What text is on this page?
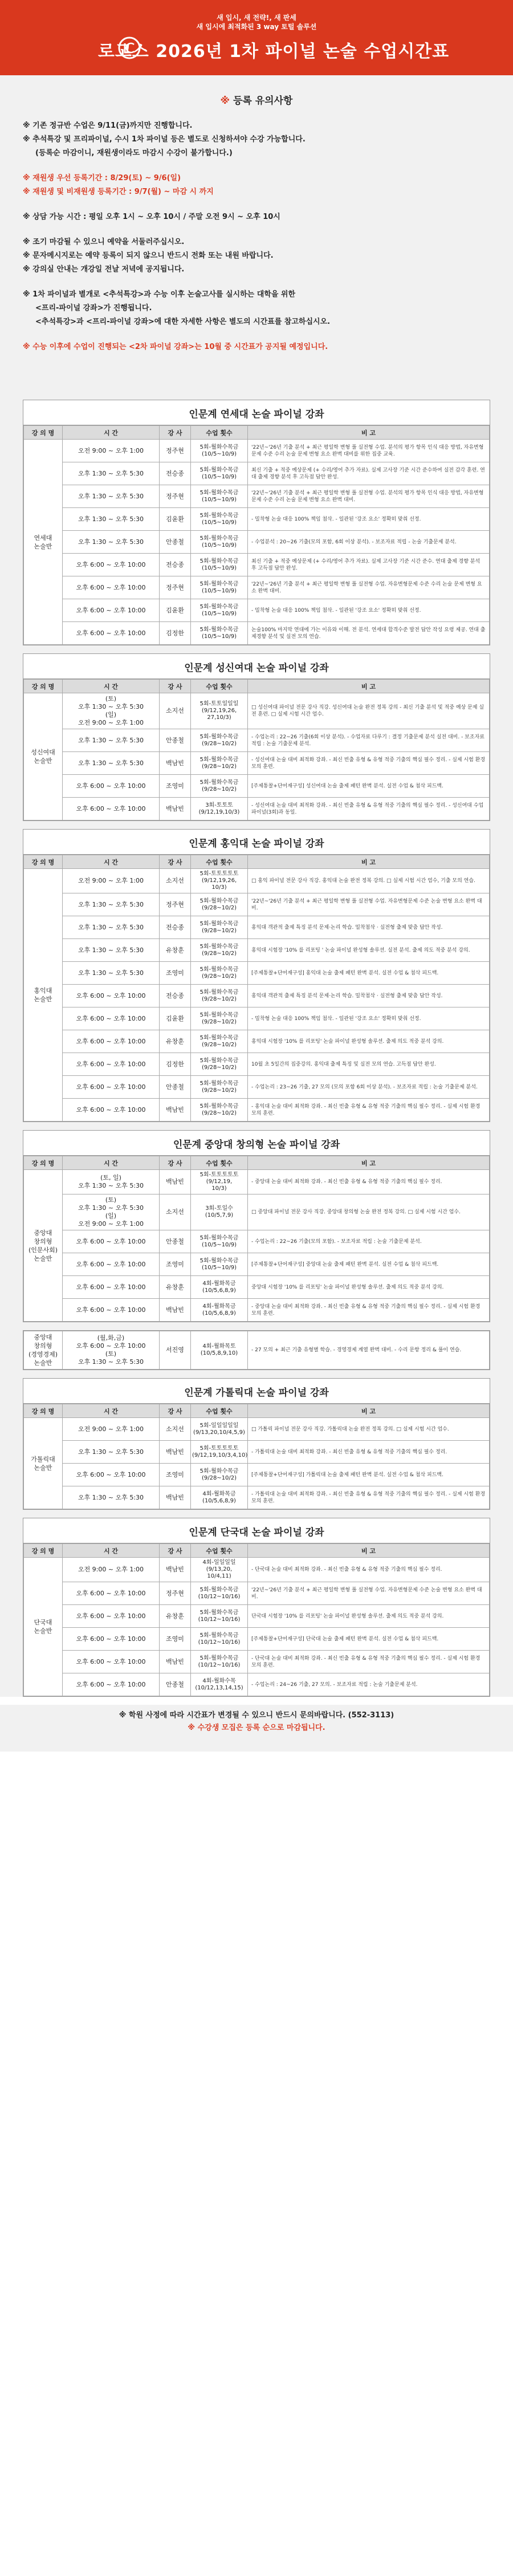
새 입시, 새 전략!, 새 판세
새 입시에 최적화된 3 way 토털 솔루션
로고스 2026년 1차 파이널 논술 수업시간표
※ 등록 유의사항
※ 기존 정규반 수업은 9/11(금)까지만 진행합니다.
※ 추석특강 및 프리파이널, 수시 1차 파이널 등은 별도로 신청하셔야 수강 가능합니다.
(등록순 마감이니, 재원생이라도 마감시 수강이 불가합니다.)
※ 재원생 우선 등록기간 : 8/29(토) ~ 9/6(일)
※ 재원생 및 비재원생 등록기간 : 9/7(월) ~ 마감 시 까지
※ 상담 가능 시간 : 평일 오후 1시 ~ 오후 10시 / 주말 오전 9시 ~ 오후 10시
※ 조기 마감될 수 있으니 예약을 서둘러주십시오.
※ 문자메시지로는 예약 등록이 되지 않으니 반드시 전화 또는 내원 바랍니다.
※ 강의실 안내는 개강일 전날 저녁에 공지됩니다.
※ 1차 파이널과 별개로 <추석특강>과 수능 이후 논술고사를 실시하는 대학을 위한
<프리-파이널 강좌>가 진행됩니다.
<추석특강>과 <프리-파이널 강좌>에 대한 자세한 사항은 별도의 시간표를 참고하십시오.
※ 수능 이후에 수업이 진행되는 <2차 파이널 강좌>는 10월 중 시간표가 공지될 예정입니다.
인문계 연세대 논술 파이널 강좌
강 의 명	시 간	강 사	수업 횟수	비 고
연세대
논술반	오전 9:00 ~ 오후 1:00	정주현	5회-월화수목금
(10/5~10/9)	'22년~'26년 기출 분석 + 최근 평일학 변형 풀 실전형 수업. 분석의 평가 항목 인식 대응 방법, 자유변형문제 수준 수리 논술 문제 변형 요소 완벽 대비를 위한 집중 교육.
	오후 1:30 ~ 오후 5:30	전승종	5회-월화수목금
(10/5~10/9)	최신 기출 + 적중 예상문제 (+ 수리/영어 추가 자료). 실제 고사장 기준 시간 준수하여 실전 감각 훈련. 연대 출제 경향 분석 후 고득점 답안 완성.
	오후 1:30 ~ 오후 5:30	정주현	5회-월화수목금
(10/5~10/9)	'22년~'26년 기출 분석 + 최근 평일학 변형 풀 실전형 수업. 분석의 평가 항목 인식 대응 방법, 자유변형문제 수준 수리 논술 문제 변형 요소 완벽 대비.
	오후 1:30 ~ 오후 5:30	김윤환	5회-월화수목금
(10/5~10/9)	- 밀착형 논술 대응 100% 책임 첨삭. - 일관된 '강조 요소' 정확히 맞춰 선정.
	오후 1:30 ~ 오후 5:30	안종철	5회-월화수목금
(10/5~10/9)	- 수업분석 : 20~26 기출(모의 포함, 6회 이상 분석). - 보조자료 적립 - 논술 기출문제 분석.
	오후 6:00 ~ 오후 10:00	전승종	5회-월화수목금
(10/5~10/9)	최신 기출 + 적중 예상문제 (+ 수리/영어 추가 자료). 실제 고사장 기준 시간 준수. 연대 출제 경향 분석 후 고득점 답안 완성.
	오후 6:00 ~ 오후 10:00	정주현	5회-월화수목금
(10/5~10/9)	'22년~'26년 기출 분석 + 최근 평일학 변형 풀 실전형 수업. 자유변형문제 수준 수리 논술 문제 변형 요소 완벽 대비.
	오후 6:00 ~ 오후 10:00	김윤환	5회-월화수목금
(10/5~10/9)	- 밀착형 논술 대응 100% 책임 첨삭. - 일관된 '강조 요소' 정확히 맞춰 선정.
	오후 6:00 ~ 오후 10:00	김정한	5회-월화수목금
(10/5~10/9)	논술100% 마지막 연대에 가는 이유와 이해. 전 분석. 연세대 합격수준 발전 답안 작성 요령 제공. 연대 출제경향 분석 및 실전 모의 연습.
인문계 성신여대 논술 파이널 강좌
강 의 명	시 간	강 사	수업 횟수	비 고
성신여대
논술반	(토)
오후 1:30 ~ 오후 5:30
(일)
오전 9:00 ~ 오후 1:00	소지선	5회-토토일일일
(9/12,19,26,
27,10/3)	□ 성신여대 파이널 전문 강사 직강. 성신여대 논술 완전 정복 강의 - 최신 기출 분석 및 적중 예상 문제 실전 훈련. □ 실제 시험 시간 엄수.
	오후 1:30 ~ 오후 5:30	안종철	5회-월화수목금
(9/28~10/2)	- 수업논리 : 22~26 기출(6회 이상 분석). - 수업자료 다루기 : 결정 기출문제 분석 실전 대비. - 보조자료 적립 : 논술 기출문제 분석.
	오후 1:30 ~ 오후 5:30	백남빈	5회-월화수목금
(9/28~10/2)	- 성신여대 논술 대비 최적화 강좌. - 최신 빈출 유형 & 유형 적중 기출의 핵심 필수 정리. - 실제 시험 환경 모의 훈련.
	오후 6:00 ~ 오후 10:00	조영미	5회-월화수목금
(9/28~10/2)	[주제통찰+단어재구성] 성신여대 논술 출제 패턴 완벽 분석. 실전 수업 & 첨삭 피드백.
	오후 6:00 ~ 오후 10:00	백남빈	3회-토토토
(9/12,19,10/3)	- 성신여대 논술 대비 최적화 강좌. - 최신 빈출 유형 & 유형 적중 기출의 핵심 필수 정리. - 성신여대 수업 파이널(3회)과 동일.
인문계 홍익대 논술 파이널 강좌
강 의 명	시 간	강 사	수업 횟수	비 고
홍익대
논술반	오전 9:00 ~ 오후 1:00	소지선	5회-토토토토토
(9/12,19,26,
10/3)	□ 홍익 파이널 전문 강사 직강. 홍익대 논술 완전 정복 강의. □ 실제 시험 시간 엄수, 기출 모의 연습.
	오후 1:30 ~ 오후 5:30	정주현	5회-월화수목금
(9/28~10/2)	'22년~'26년 기출 분석 + 최근 평일학 변형 풀 실전형 수업. 자유변형문제 수준 논술 변형 요소 완벽 대비.
	오후 1:30 ~ 오후 5:30	전승종	5회-월화수목금
(9/28~10/2)	홍익대 객관적 출제 특징 분석 문제·논리 학습. 밀착첨삭 · 실전형 출제 맞춤 답안 작성.
	오후 1:30 ~ 오후 5:30	유창훈	5회-월화수목금
(9/28~10/2)	홍익대 시험장 '10% 를 리포팅 ' 논술 파이널 완성형 솔루션. 실전 분석. 출제 의도 적중 분석 강의.
	오후 1:30 ~ 오후 5:30	조영미	5회-월화수목금
(9/28~10/2)	[주제통찰+단어재구성] 홍익대 논술 출제 패턴 완벽 분석. 실전 수업 & 첨삭 피드백.
	오후 6:00 ~ 오후 10:00	전승종	5회-월화수목금
(9/28~10/2)	홍익대 객관적 출제 특징 분석 문제·논리 학습. 밀착첨삭 · 실전형 출제 맞춤 답안 작성.
	오후 6:00 ~ 오후 10:00	김윤환	5회-월화수목금
(9/28~10/2)	- 밀착형 논술 대응 100% 책임 첨삭. - 일관된 '강조 요소' 정확히 맞춰 선정.
	오후 6:00 ~ 오후 10:00	유창훈	5회-월화수목금
(9/28~10/2)	홍익대 시험장 '10% 를 리포팅' 논술 파이널 완성형 솔루션. 출제 의도 적중 분석 강의.
	오후 6:00 ~ 오후 10:00	김정한	5회-월화수목금
(9/28~10/2)	10월 초 5일간의 집중강의. 홍익대 출제 특징 및 실전 모의 연습. 고득점 답안 완성.
	오후 6:00 ~ 오후 10:00	안종철	5회-월화수목금
(9/28~10/2)	- 수업논리 : 23~26 기출, 27 모의 (모의 포함 6회 이상 분석). - 보조자료 적립 : 논술 기출문제 분석.
	오후 6:00 ~ 오후 10:00	백남빈	5회-월화수목금
(9/28~10/2)	- 홍익대 논술 대비 최적화 강좌. - 최신 빈출 유형 & 유형 적중 기출의 핵심 필수 정리. - 실제 시험 환경 모의 훈련.
인문계 중앙대 창의형 논술 파이널 강좌
강 의 명	시 간	강 사	수업 횟수	비 고
중앙대
창의형
(인문사회)
논술반	(토, 일)
오후 1:30 ~ 오후 5:30	백남빈	5회-토토토토토
(9/12,19,
10/3)	- 중앙대 논술 대비 최적화 강좌. - 최신 빈출 유형 & 유형 적중 기출의 핵심 필수 정리.
	(토)
오후 1:30 ~ 오후 5:30
(일)
오전 9:00 ~ 오후 1:00	소지선	3회-토일수
(10/5,7,9)	□ 중앙대 파이널 전문 강사 직강. 중앙대 창의형 논술 완전 정복 강의. □ 실제 시험 시간 엄수.
	오후 6:00 ~ 오후 10:00	안종철	5회-월화수목금
(10/5~10/9)	- 수업논리 : 22~26 기출(모의 포함). - 보조자료 적립 : 논술 기출문제 분석.
	오후 6:00 ~ 오후 10:00	조영미	5회-월화수목금
(10/5~10/9)	[주제통찰+단어재구성] 중앙대 논술 출제 패턴 완벽 분석. 실전 수업 & 첨삭 피드백.
	오후 6:00 ~ 오후 10:00	유창훈	4회-월화목금
(10/5,6,8,9)	중앙대 시험장 '10% 를 리포팅' 논술 파이널 완성형 솔루션. 출제 의도 적중 분석 강의.
	오후 6:00 ~ 오후 10:00	백남빈	4회-월화목금
(10/5,6,8,9)	- 중앙대 논술 대비 최적화 강좌. - 최신 빈출 유형 & 유형 적중 기출의 핵심 필수 정리. - 실제 시험 환경 모의 훈련.
중앙대
창의형
(경영경제)
논술반	(월,화,금)
오후 6:00 ~ 오후 10:00
(토)
오후 1:30 ~ 오후 5:30	서진영	4회-월화목토
(10/5,8,9,10)	- 27 모의 + 최근 기출 유형별 학습. - 경영경제 계열 완벽 대비. - 수리 문항 정리 & 풀이 연습.
인문계 가톨릭대 논술 파이널 강좌
강 의 명	시 간	강 사	수업 횟수	비 고
가톨릭대
논술반	오전 9:00 ~ 오후 1:00	소지선	5회-일일일일일
(9/13,20,10/4,5,9)	□ 가톨릭 파이널 전문 강사 직강. 가톨릭대 논술 완전 정복 강의. □ 실제 시험 시간 엄수.
	오후 1:30 ~ 오후 5:30	백남빈	5회-토토토토토
(9/12,19,10/3,4,10)	- 가톨릭대 논술 대비 최적화 강좌. - 최신 빈출 유형 & 유형 적중 기출의 핵심 필수 정리.
	오후 6:00 ~ 오후 10:00	조영미	5회-월화수목금
(9/28~10/2)	[주제통찰+단어재구성] 가톨릭대 논술 출제 패턴 완벽 분석. 실전 수업 & 첨삭 피드백.
	오후 1:30 ~ 오후 5:30	백남빈	4회-월화목금
(10/5,6,8,9)	- 가톨릭대 논술 대비 최적화 강좌. - 최신 빈출 유형 & 유형 적중 기출의 핵심 필수 정리. - 실제 시험 환경 모의 훈련.
인문계 단국대 논술 파이널 강좌
강 의 명	시 간	강 사	수업 횟수	비 고
단국대
논술반	오전 9:00 ~ 오후 1:00	백남빈	4회-일일일일
(9/13,20,
10/4,11)	- 단국대 논술 대비 최적화 강좌. - 최신 빈출 유형 & 유형 적중 기출의 핵심 필수 정리.
	오후 6:00 ~ 오후 10:00	정주현	5회-월화수목금
(10/12~10/16)	'22년~'26년 기출 분석 + 최근 평일학 변형 풀 실전형 수업. 자유변형문제 수준 논술 변형 요소 완벽 대비.
	오후 6:00 ~ 오후 10:00	유창훈	5회-월화수목금
(10/12~10/16)	단국대 시험장 '10% 를 리포팅' 논술 파이널 완성형 솔루션. 출제 의도 적중 분석 강의.
	오후 6:00 ~ 오후 10:00	조영미	5회-월화수목금
(10/12~10/16)	[주제통찰+단어재구성] 단국대 논술 출제 패턴 완벽 분석. 실전 수업 & 첨삭 피드백.
	오후 6:00 ~ 오후 10:00	백남빈	5회-월화수목금
(10/12~10/16)	- 단국대 논술 대비 최적화 강좌. - 최신 빈출 유형 & 유형 적중 기출의 핵심 필수 정리. - 실제 시험 환경 모의 훈련.
	오후 6:00 ~ 오후 10:00	안종철	4회-월화수목
(10/12,13,14,15)	- 수업논리 : 24~26 기출, 27 모의. - 보조자료 적립 : 논술 기출문제 분석.
※ 학원 사정에 따라 시간표가 변경될 수 있으니 반드시 문의바랍니다. (552-3113)
※ 수강생 모집은 등록 순으로 마감됩니다.
